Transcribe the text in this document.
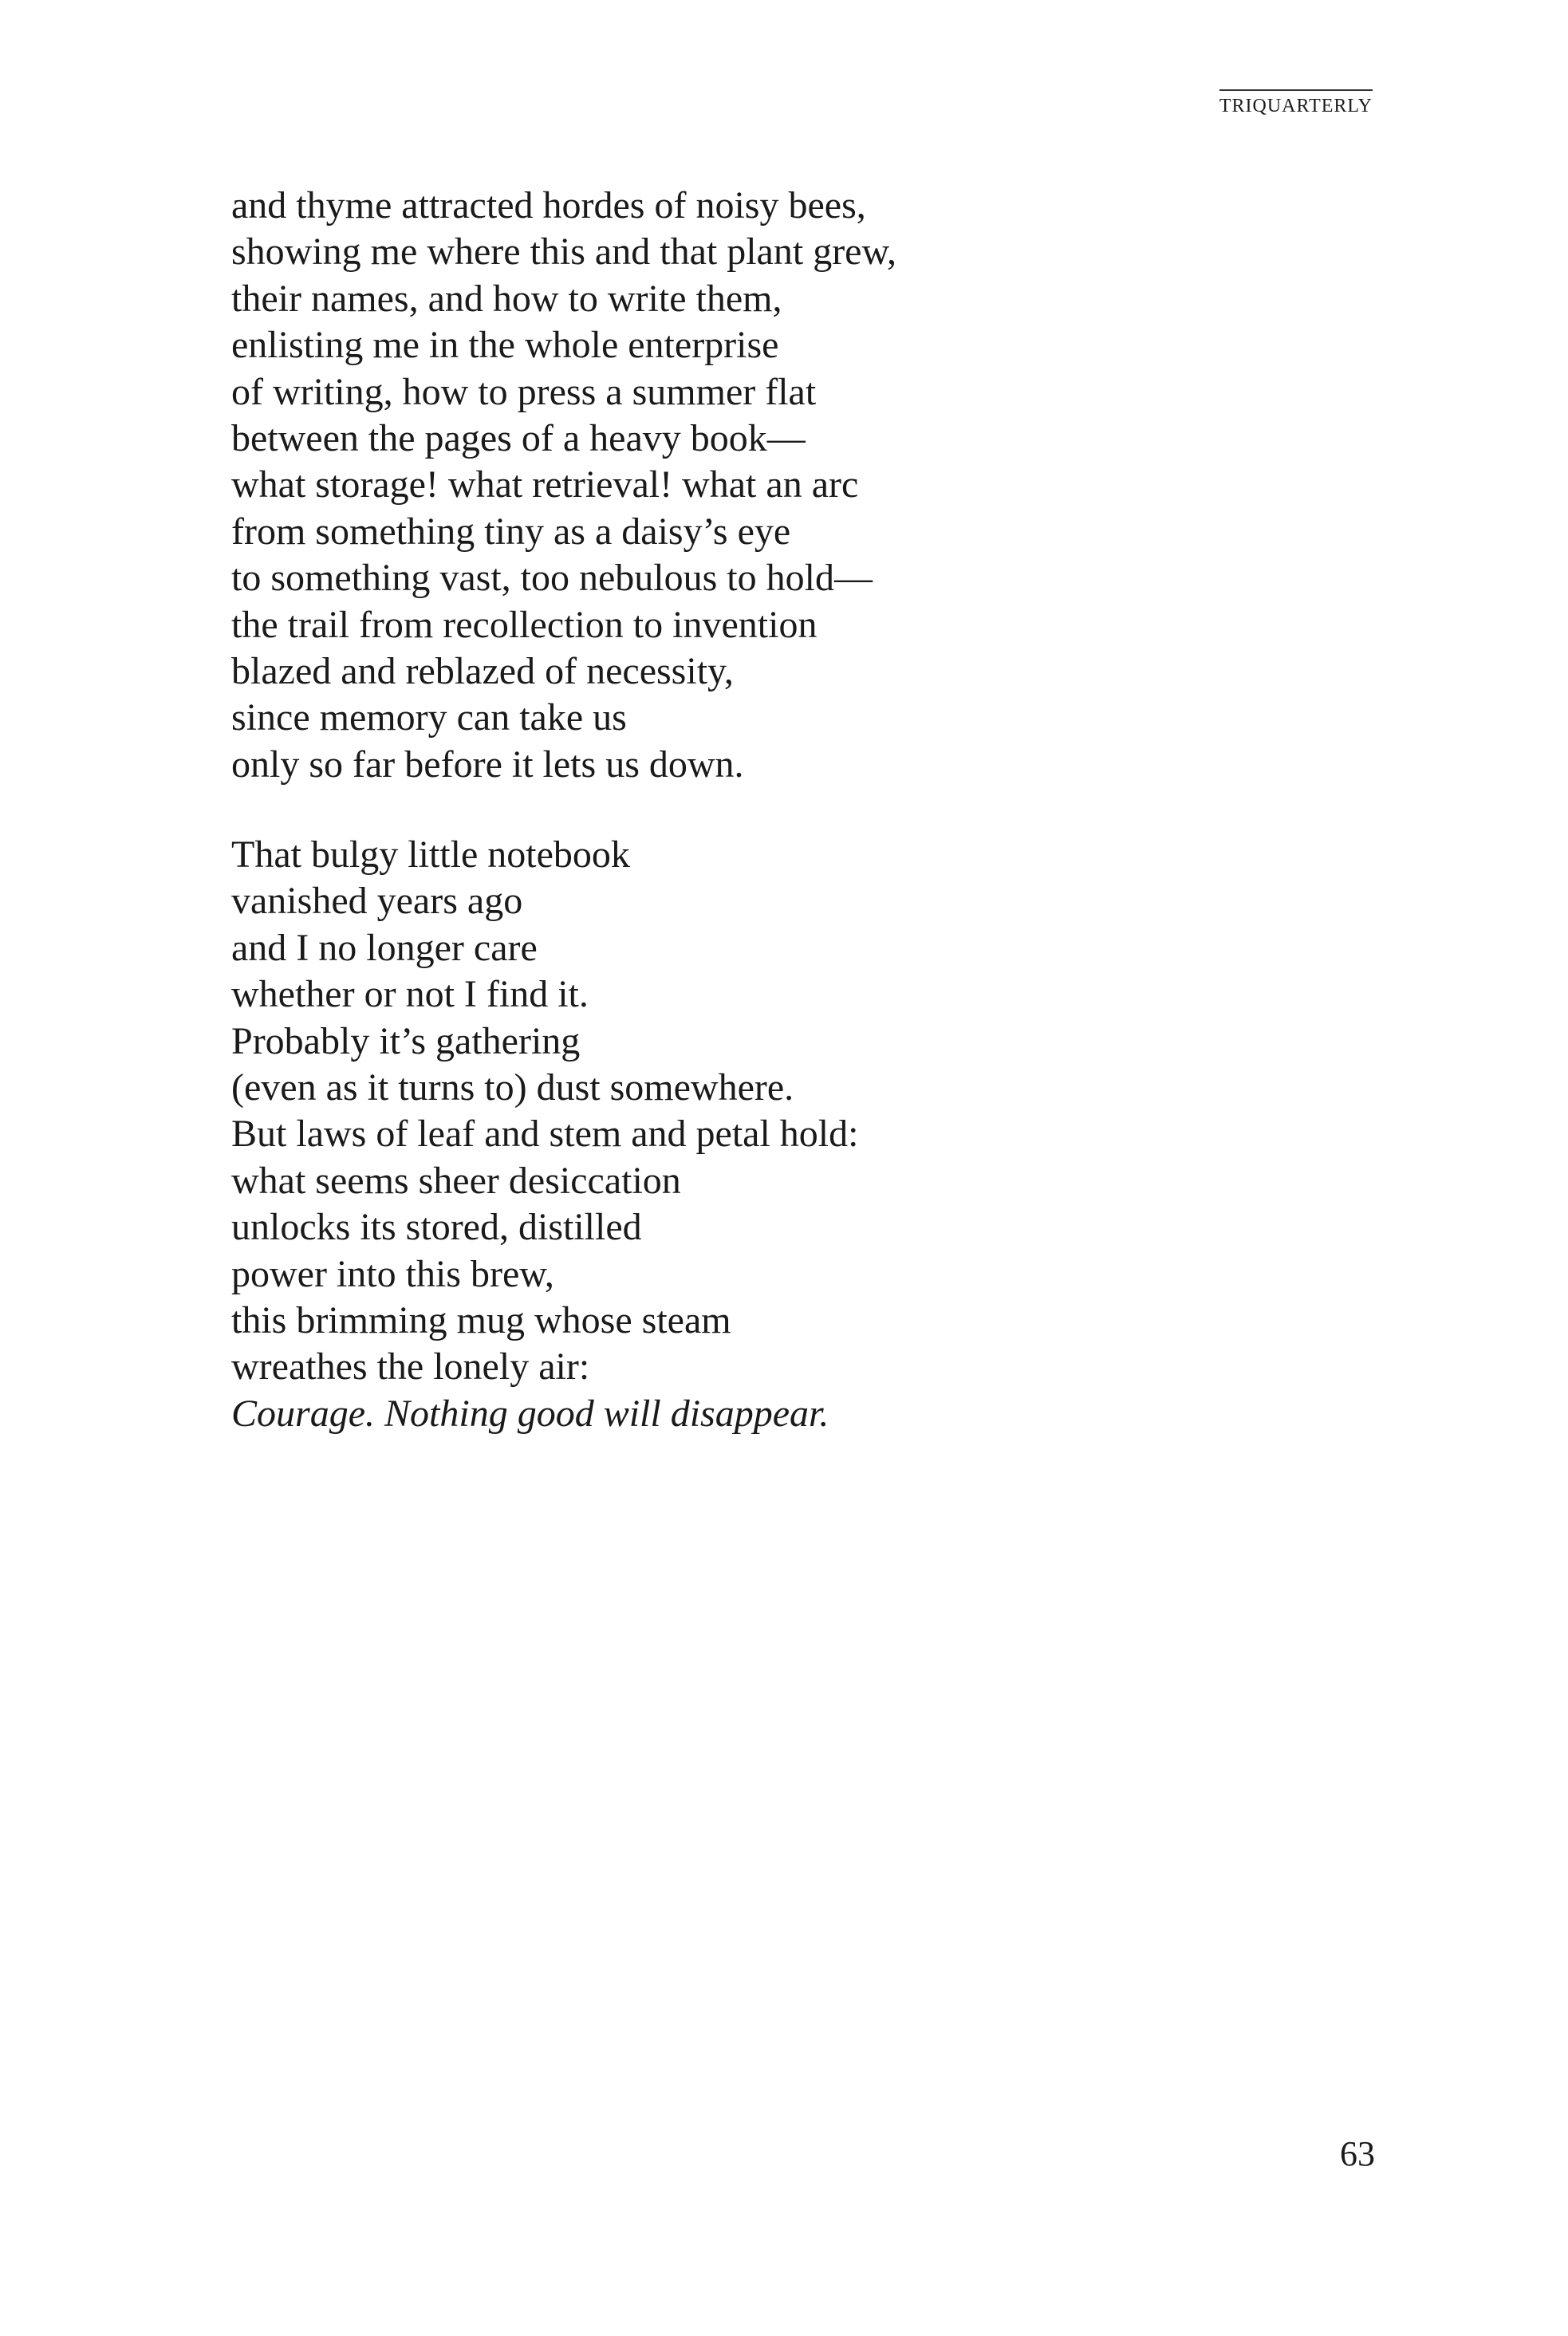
TRIQUARTERLY
and thyme attracted hordes of noisy bees,
showing me where this and that plant grew,
their names, and how to write them,
enlisting me in the whole enterprise
of writing, how to press a summer flat
between the pages of a heavy book—
what storage! what retrieval! what an arc
from something tiny as a daisy’s eye
to something vast, too nebulous to hold—
the trail from recollection to invention
blazed and reblazed of necessity,
since memory can take us
only so far before it lets us down.
That bulgy little notebook
vanished years ago
and I no longer care
whether or not I find it.
Probably it’s gathering
(even as it turns to) dust somewhere.
But laws of leaf and stem and petal hold:
what seems sheer desiccation
unlocks its stored, distilled
power into this brew,
this brimming mug whose steam
wreathes the lonely air:
Courage. Nothing good will disappear.
63
